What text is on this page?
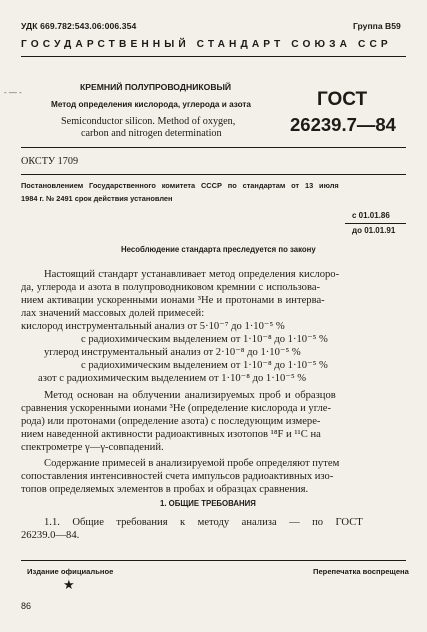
УДК 669.782:543.06:006.354	Группа В59
ГОСУДАРСТВЕННЫЙ СТАНДАРТ СОЮЗА ССР
- — -
КРЕМНИЙ ПОЛУПРОВОДНИКОВЫЙ
Метод определения кислорода, углерода и азота
Semiconductor silicon. Method of oxygen,
carbon and nitrogen determination
ГОСТ
26239.7—84
ОКСТУ 1709
Постановлением Государственного комитета СССР по стандартам от 13 июля
1984 г. № 2491 срок действия установлен
с 01.01.86
до 01.01.91
Несоблюдение стандарта преследуется по закону
Настоящий стандарт устанавливает метод определения кислоро-
да, углерода и азота в полупроводниковом кремнии с использова-
нием активации ускоренными ионами ³He и протонами в интерва-
лах значений массовых долей примесей:
кислород инструментальный анализ от 5·10⁻⁷ до 1·10⁻⁵ %
с радиохимическим выделением от 1·10⁻⁸ до 1·10⁻⁵ %
углерод инструментальный анализ от 2·10⁻⁸ до 1·10⁻⁵ %
с радиохимическим выделением от 1·10⁻⁸ до 1·10⁻⁵ %
азот с радиохимическим выделением от 1·10⁻⁸ до 1·10⁻⁵ %
Метод основан на облучении анализируемых проб и образцов
сравнения ускоренными ионами ³He (определение кислорода и угле-
рода) или протонами (определение азота) с последующим измере-
нием наведенной активности радиоактивных изотопов ¹⁸F и ¹¹C на
спектрометре γ—γ-совпадений.
Содержание примесей в анализируемой пробе определяют путем
сопоставления интенсивностей счета импульсов радиоактивных изо-
топов определяемых элементов в пробах и образцах сравнения.
1. ОБЩИЕ ТРЕБОВАНИЯ
1.1. Общие требования к методу анализа — по ГОСТ
26239.0—84.
Издание официальное	Перепечатка воспрещена
★
86
